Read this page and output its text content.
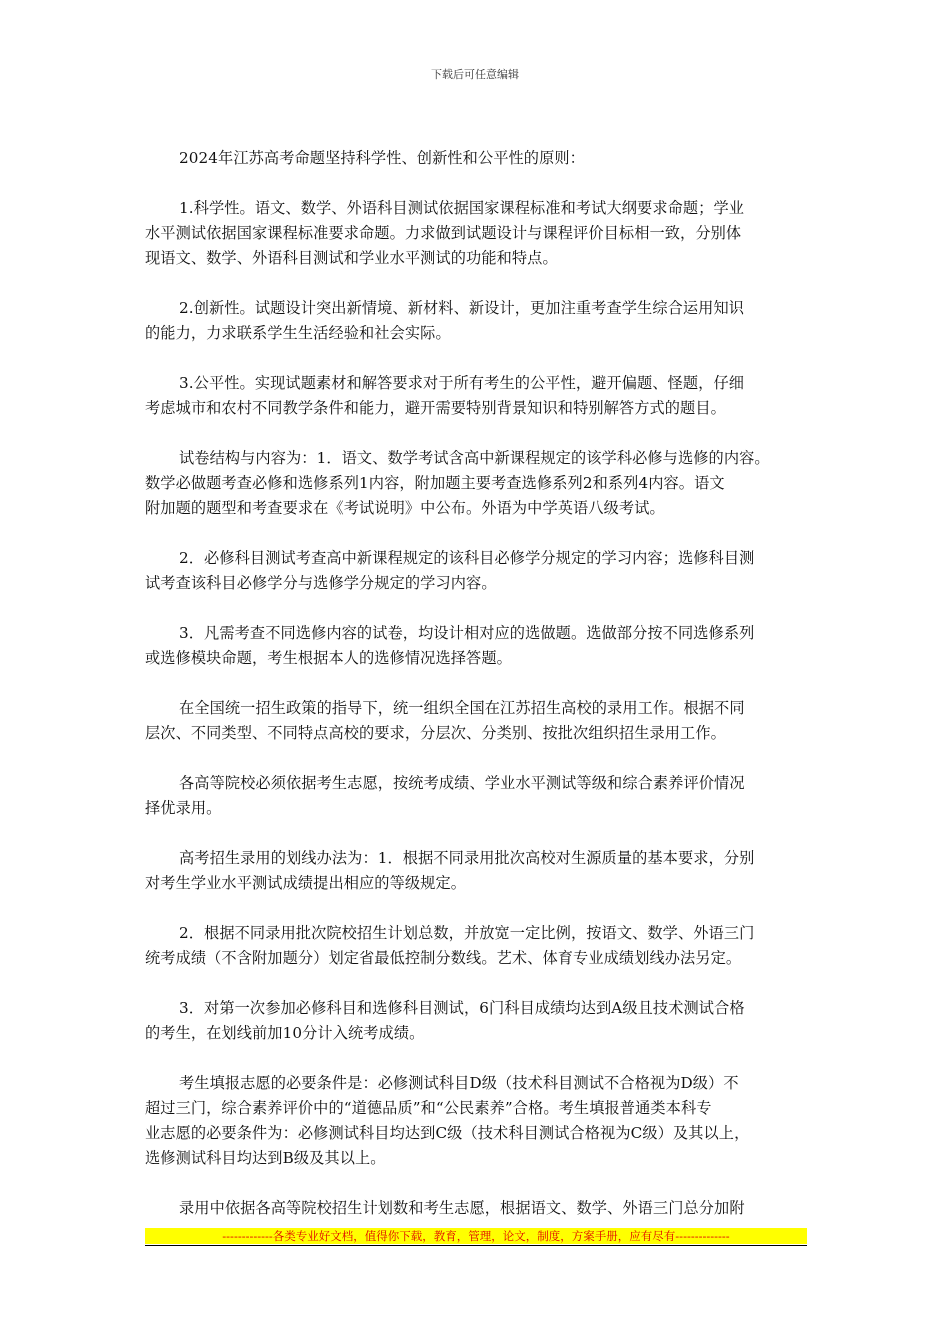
下载后可任意编辑

2024年江苏高考命题坚持科学性、创新性和公平性的原则：

1.科学性。语文、数学、外语科目测试依据国家课程标准和考试大纲要求命题；学业
水平测试依据国家课程标准要求命题。力求做到试题设计与课程评价目标相一致，分别体
现语文、数学、外语科目测试和学业水平测试的功能和特点。

2.创新性。试题设计突出新情境、新材料、新设计，更加注重考查学生综合运用知识
的能力，力求联系学生生活经验和社会实际。

3.公平性。实现试题素材和解答要求对于所有考生的公平性，避开偏题、怪题，仔细
考虑城市和农村不同教学条件和能力，避开需要特别背景知识和特别解答方式的题目。

试卷结构与内容为：1．语文、数学考试含高中新课程规定的该学科必修与选修的内容。
数学必做题考查必修和选修系列1内容，附加题主要考查选修系列2和系列4内容。语文
附加题的题型和考查要求在《考试说明》中公布。外语为中学英语八级考试。

2．必修科目测试考查高中新课程规定的该科目必修学分规定的学习内容；选修科目测
试考查该科目必修学分与选修学分规定的学习内容。

3．凡需考查不同选修内容的试卷，均设计相对应的选做题。选做部分按不同选修系列
或选修模块命题，考生根据本人的选修情况选择答题。

在全国统一招生政策的指导下，统一组织全国在江苏招生高校的录用工作。根据不同
层次、不同类型、不同特点高校的要求，分层次、分类别、按批次组织招生录用工作。

各高等院校必须依据考生志愿，按统考成绩、学业水平测试等级和综合素养评价情况
择优录用。

高考招生录用的划线办法为：1．根据不同录用批次高校对生源质量的基本要求，分别
对考生学业水平测试成绩提出相应的等级规定。

2．根据不同录用批次院校招生计划总数，并放宽一定比例，按语文、数学、外语三门
统考成绩（不含附加题分）划定省最低控制分数线。艺术、体育专业成绩划线办法另定。

3．对第一次参加必修科目和选修科目测试，6门科目成绩均达到A级且技术测试合格
的考生，在划线前加10分计入统考成绩。

考生填报志愿的必要条件是：必修测试科目D级（技术科目测试不合格视为D级）不
超过三门，综合素养评价中的“道德品质”和“公民素养”合格。考生填报普通类本科专
业志愿的必要条件为：必修测试科目均达到C级（技术科目测试合格视为C级）及其以上，
选修测试科目均达到B级及其以上。

录用中依据各高等院校招生计划数和考生志愿，根据语文、数学、外语三门总分加附

-------------各类专业好文档，值得你下载，教育，管理，论文，制度，方案手册，应有尽有--------------
